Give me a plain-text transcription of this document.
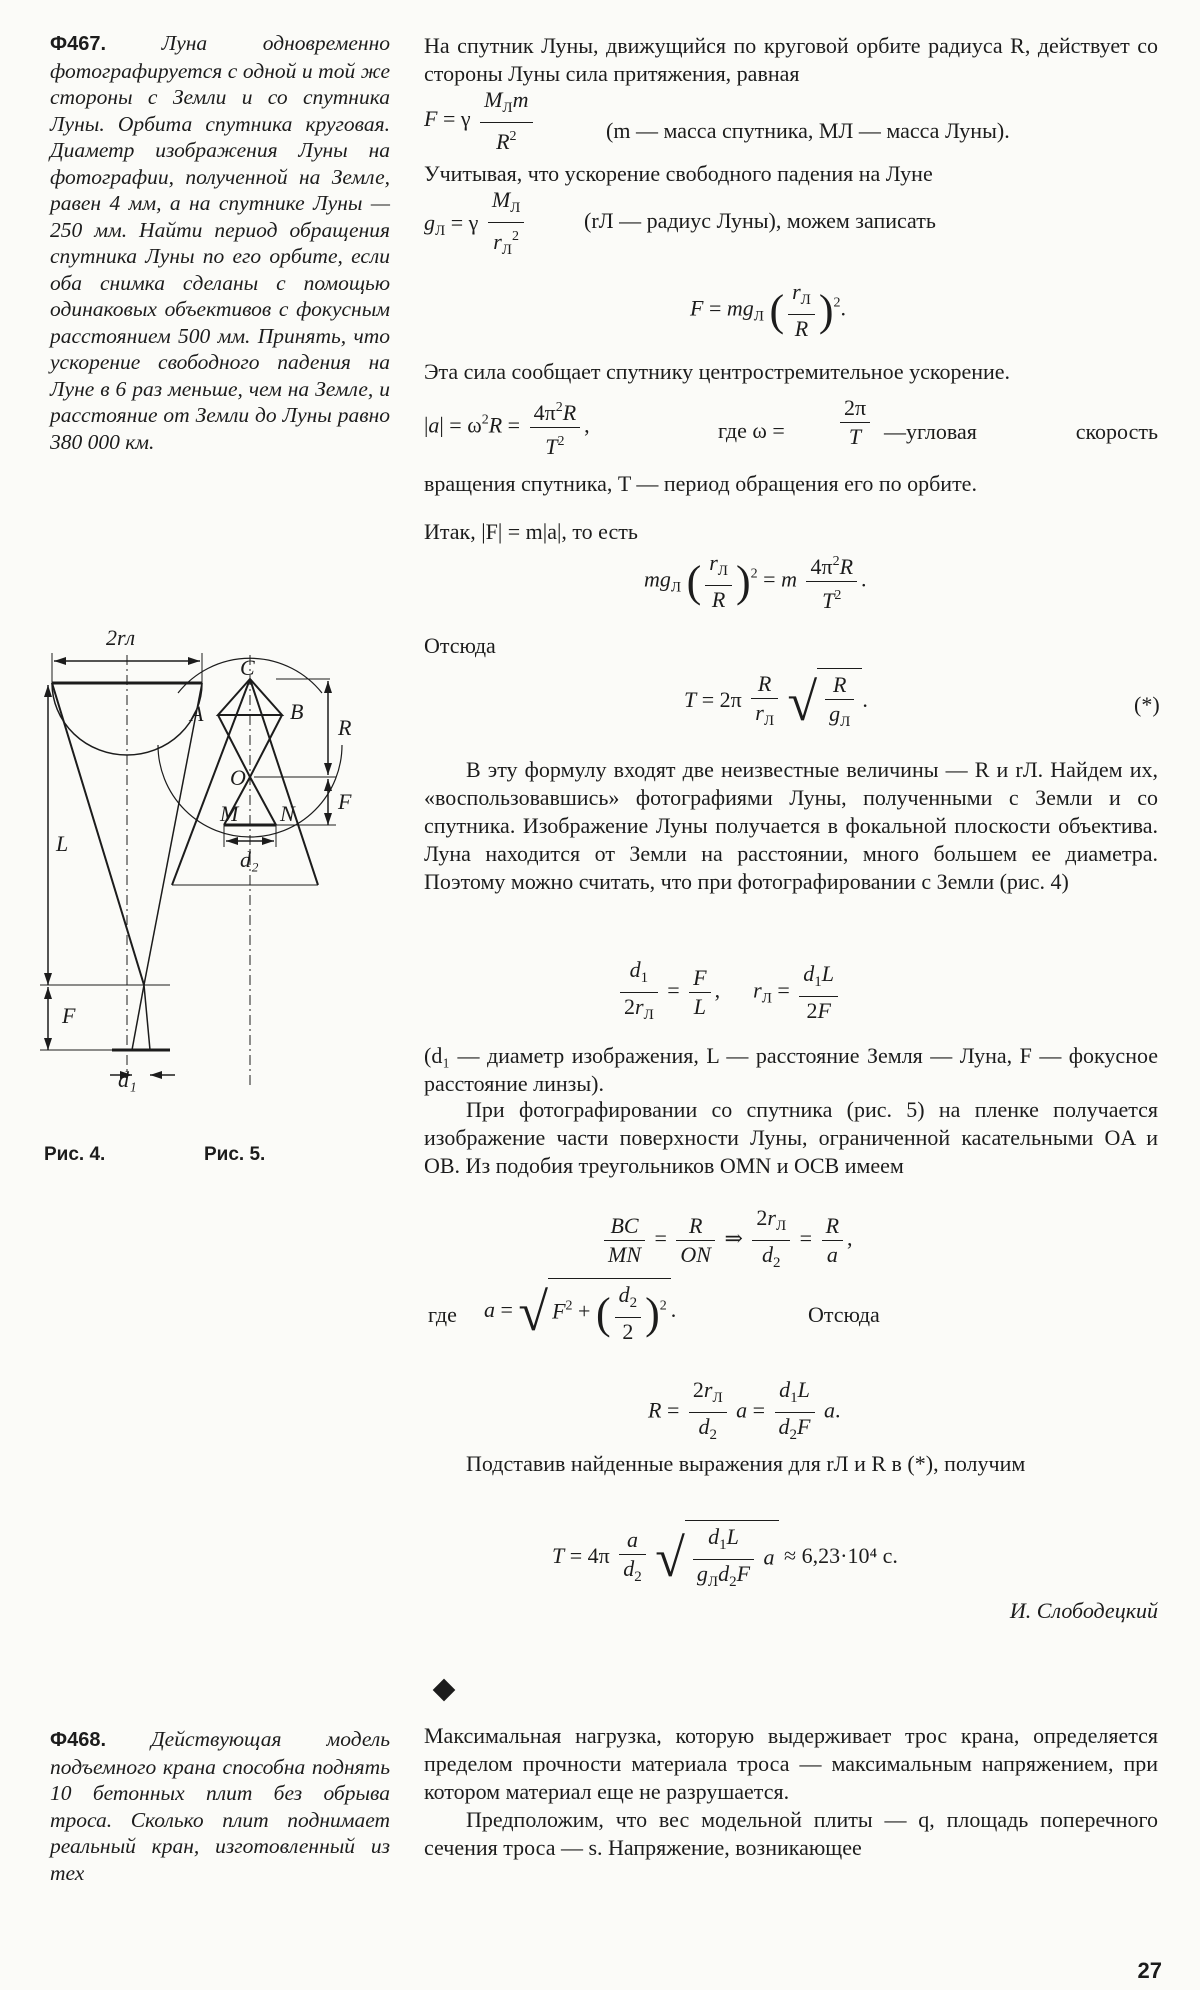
Ф467.	Луна одновременно фотографируется с одной и той же стороны с Земли и со спутника Луны. Орбита спутника круговая. Диаметр изображения Луны на фотографии, полученной на Земле, равен 4 мм, а на спутнике Луны — 250 мм. Найти период обращения спутника Луны по его орбите, если оба снимка сделаны с помощью одинаковых объективов с фокусным расстоянием 500 мм. Принять, что ускорение свободного падения на Луне в 6 раз меньше, чем на Земле, и расстояние от Земли до Луны равно 380 000 км.

На спутник Луны, движущийся по круговой орбите радиуса R, действует со стороны Луны сила притяжения, равная

F = γ $\frac{M_Лm}{R^2}$	(m — масса спутника, MЛ — масса Луны).

Учитывая, что ускорение свободного падения на Луне

$g_Л = \gamma \frac{M_Л}{r_Л^2}$	(rЛ — радиус Луны), можем записать
$F = mg_Л$ ( $\frac{r_Л}{R} )^2$.

Эта сила сообщает спутнику центростремительное ускорение.

$|a| = \omega^2R = \frac{4\pi^2R}{T^2}$ ,	где ω =	$\frac{2\pi}{T}$ —угловая скорость вращения спутника, T — период обращения его по орбите.

Итак, |F| = m|a|, то есть

$mg_Л$ ( $\frac{r_Л}{R} )^2 = m \frac{4\pi^2R}{T^2}$ .

Отсюда

$T = 2\pi \frac{R}{r_Л}$ √ $\frac{R}{g_Л}$ .	(*)

В эту формулу входят две неизвестные величины — R и rЛ. Найдем их, «воспользовавшись» фотографиями Луны, полученными с Земли и со спутника. Изображение Луны получается в фокальной плоскости объектива. Луна находится от Земли на расстоянии, много большем ее диаметра. Поэтому можно считать, что при фотографировании с Земли (рис. 4)

$\frac{d_1}{2r_Л} = \frac{F}{L}$ ,      $r_Л = \frac{d_1L}{2F}$

(d₁ — диаметр изображения, L — расстояние Земля — Луна, F — фокусное расстояние линзы).

При фотографировании со спутника (рис. 5) на пленке получается изображение части поверхности Луны, ограниченной касательными OA и OB. Из подобия треугольников OMN и OCB имеем

$\frac{BC}{MN} = \frac{R}{ON}$ ⇒ $\frac{2r_Л}{d_2} = \frac{R}{a}$ ,
где a = √ $F^2$ + ( $\frac{d_2}{2} )^2$ .	Отсюда
$R = \frac{2r_Л}{d_2}$ $a = \frac{d_1L}{d_2F} a$.

Подставив найденные выражения для rЛ и R в (*), получим

$T = 4\pi \frac{a}{d_2}$ √ $\frac{d_1L}{g_Лd_2F}$ a ≈ 6,23·10⁴ с.
И. Слободецкий
2rл
L
F
d₁
C
A	B
O
M N
R
F
d₂
Рис. 4.	Рис. 5.
Ф468. Действующая модель подъемного крана способна поднять 10 бетонных плит без обрыва троса. Сколько плит поднимает реальный кран, изготовленный из тех

Максимальная нагрузка, которую выдерживает трос крана, определяется пределом прочности материала троса — максимальным напряжением, при котором материал еще не разрушается.

Предположим, что вес модельной плиты — q, площадь поперечного сечения троса — s. Напряжение, возникающее

27
